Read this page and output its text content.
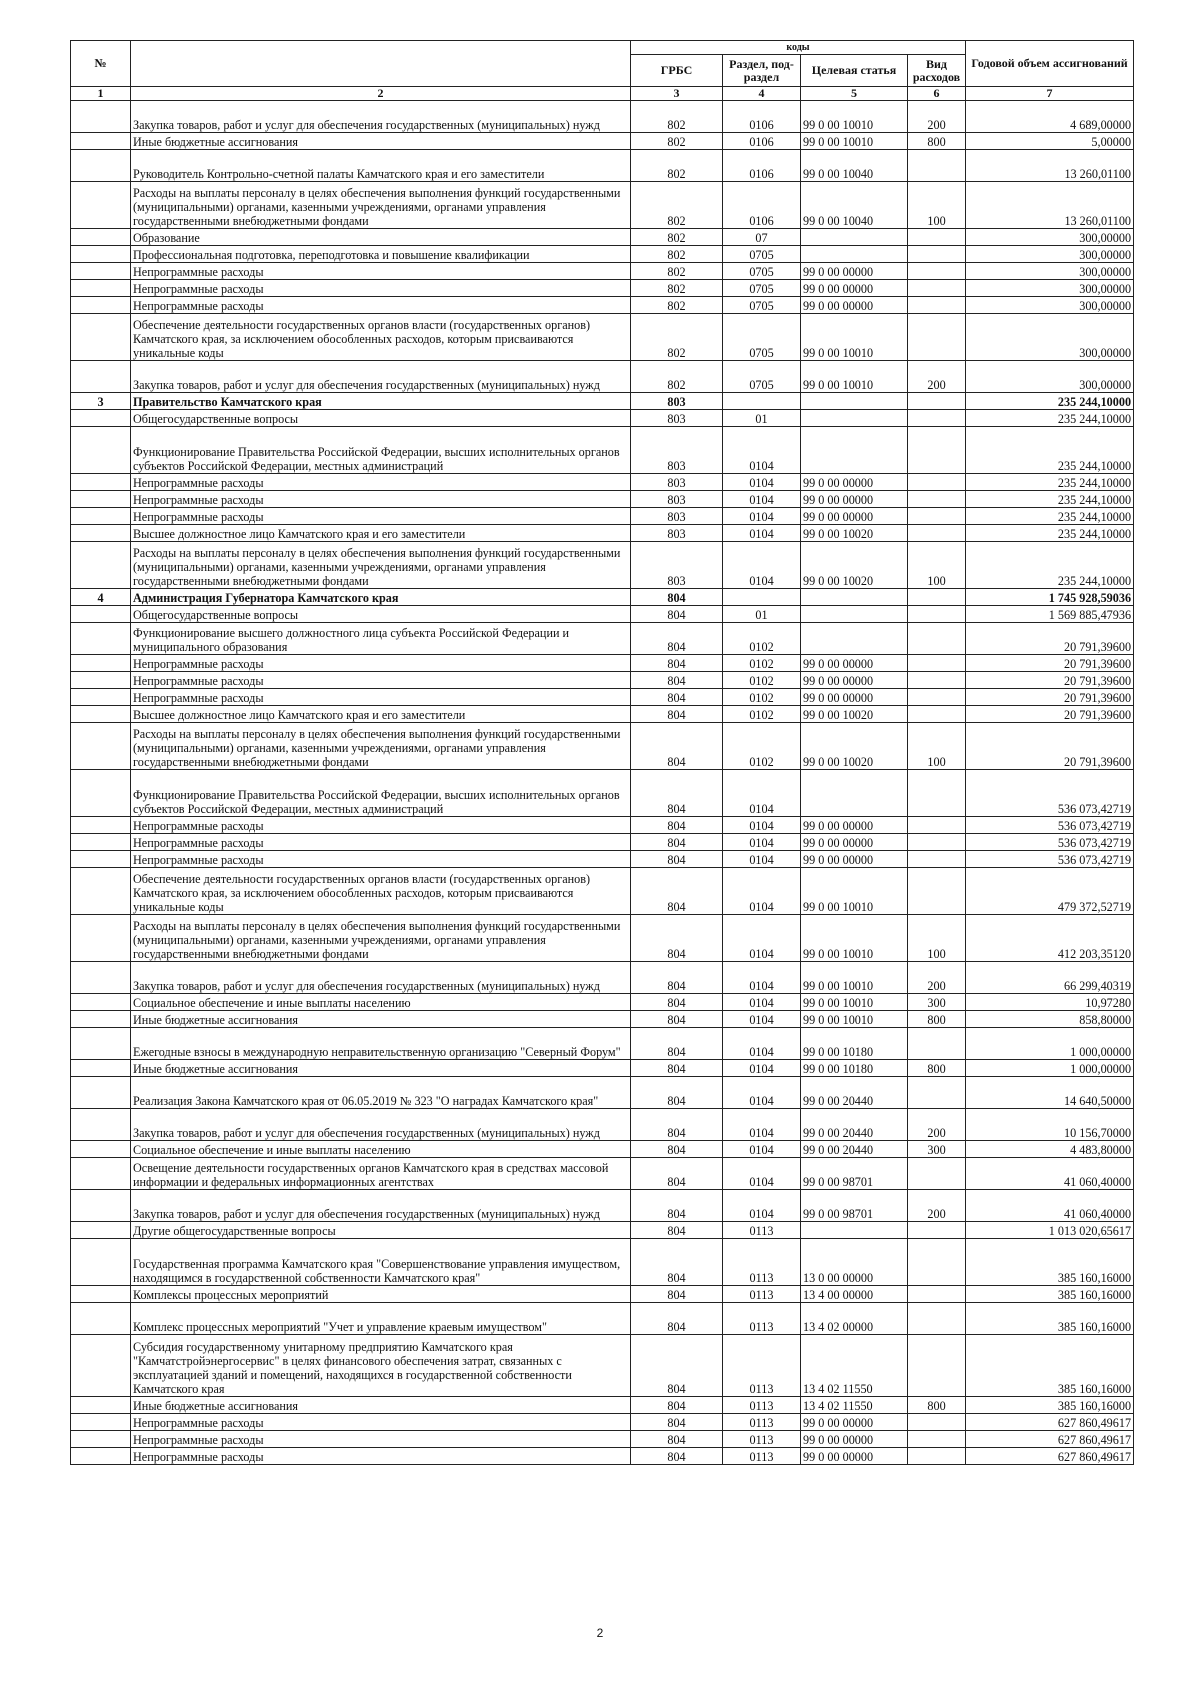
№		коды				Годовой объем ассигнований
		ГРБС	Раздел, под-раздел	Целевая статья	Вид расходов	
1	2	3	4	5	6	7
	Закупка товаров, работ и услуг для обеспечения государственных (муниципальных) нужд	802	0106	99 0 00 10010	200	4 689,00000
	Иные бюджетные ассигнования	802	0106	99 0 00 10010	800	5,00000
	Руководитель Контрольно-счетной палаты Камчатского края и его заместители	802	0106	99 0 00 10040		13 260,01100
	Расходы на выплаты персоналу в целях обеспечения выполнения функций государственными (муниципальными) органами, казенными учреждениями, органами управления государственными внебюджетными фондами	802	0106	99 0 00 10040	100	13 260,01100
	Образование	802	07			300,00000
	Профессиональная подготовка, переподготовка и повышение квалификации	802	0705			300,00000
	Непрограммные расходы	802	0705	99 0 00 00000		300,00000
	Непрограммные расходы	802	0705	99 0 00 00000		300,00000
	Непрограммные расходы	802	0705	99 0 00 00000		300,00000
	Обеспечение деятельности государственных органов власти (государственных органов) Камчатского края, за исключением обособленных расходов, которым присваиваются уникальные коды	802	0705	99 0 00 10010		300,00000
	Закупка товаров, работ и услуг для обеспечения государственных (муниципальных) нужд	802	0705	99 0 00 10010	200	300,00000
3	Правительство Камчатского края	803				235 244,10000
	Общегосударственные вопросы	803	01			235 244,10000
	Функционирование Правительства Российской Федерации, высших исполнительных органов субъектов Российской Федерации, местных администраций	803	0104			235 244,10000
	Непрограммные расходы	803	0104	99 0 00 00000		235 244,10000
	Непрограммные расходы	803	0104	99 0 00 00000		235 244,10000
	Непрограммные расходы	803	0104	99 0 00 00000		235 244,10000
	Высшее должностное лицо Камчатского края и его заместители	803	0104	99 0 00 10020		235 244,10000
	Расходы на выплаты персоналу в целях обеспечения выполнения функций государственными (муниципальными) органами, казенными учреждениями, органами управления государственными внебюджетными фондами	803	0104	99 0 00 10020	100	235 244,10000
4	Администрация Губернатора Камчатского края	804				1 745 928,59036
	Общегосударственные вопросы	804	01			1 569 885,47936
	Функционирование высшего должностного лица субъекта Российской Федерации и муниципального образования	804	0102			20 791,39600
	Непрограммные расходы	804	0102	99 0 00 00000		20 791,39600
	Непрограммные расходы	804	0102	99 0 00 00000		20 791,39600
	Непрограммные расходы	804	0102	99 0 00 00000		20 791,39600
	Высшее должностное лицо Камчатского края и его заместители	804	0102	99 0 00 10020		20 791,39600
	Расходы на выплаты персоналу в целях обеспечения выполнения функций государственными (муниципальными) органами, казенными учреждениями, органами управления государственными внебюджетными фондами	804	0102	99 0 00 10020	100	20 791,39600
	Функционирование Правительства Российской Федерации, высших исполнительных органов субъектов Российской Федерации, местных администраций	804	0104			536 073,42719
	Непрограммные расходы	804	0104	99 0 00 00000		536 073,42719
	Непрограммные расходы	804	0104	99 0 00 00000		536 073,42719
	Непрограммные расходы	804	0104	99 0 00 00000		536 073,42719
	Обеспечение деятельности государственных органов власти (государственных органов) Камчатского края, за исключением обособленных расходов, которым присваиваются уникальные коды	804	0104	99 0 00 10010		479 372,52719
	Расходы на выплаты персоналу в целях обеспечения выполнения функций государственными (муниципальными) органами, казенными учреждениями, органами управления государственными внебюджетными фондами	804	0104	99 0 00 10010	100	412 203,35120
	Закупка товаров, работ и услуг для обеспечения государственных (муниципальных) нужд	804	0104	99 0 00 10010	200	66 299,40319
	Социальное обеспечение и иные выплаты населению	804	0104	99 0 00 10010	300	10,97280
	Иные бюджетные ассигнования	804	0104	99 0 00 10010	800	858,80000
	Ежегодные взносы в международную неправительственную организацию "Северный Форум"	804	0104	99 0 00 10180		1 000,00000
	Иные бюджетные ассигнования	804	0104	99 0 00 10180	800	1 000,00000
	Реализация Закона Камчатского края от 06.05.2019 № 323 "О наградах Камчатского края"	804	0104	99 0 00 20440		14 640,50000
	Закупка товаров, работ и услуг для обеспечения государственных (муниципальных) нужд	804	0104	99 0 00 20440	200	10 156,70000
	Социальное обеспечение и иные выплаты населению	804	0104	99 0 00 20440	300	4 483,80000
	Освещение деятельности государственных органов Камчатского края в средствах массовой информации и федеральных информационных агентствах	804	0104	99 0 00 98701		41 060,40000
	Закупка товаров, работ и услуг для обеспечения государственных (муниципальных) нужд	804	0104	99 0 00 98701	200	41 060,40000
	Другие общегосударственные вопросы	804	0113			1 013 020,65617
	Государственная программа Камчатского края "Совершенствование управления имуществом, находящимся в государственной собственности Камчатского края"	804	0113	13 0 00 00000		385 160,16000
	Комплексы процессных мероприятий	804	0113	13 4 00 00000		385 160,16000
	Комплекс процессных мероприятий "Учет и управление краевым имуществом"	804	0113	13 4 02 00000		385 160,16000
	Субсидия государственному унитарному предприятию Камчатского края "Камчатстройэнергосервис" в целях финансового обеспечения затрат, связанных с эксплуатацией зданий и помещений, находящихся в государственной собственности Камчатского края	804	0113	13 4 02 11550		385 160,16000
	Иные бюджетные ассигнования	804	0113	13 4 02 11550	800	385 160,16000
	Непрограммные расходы	804	0113	99 0 00 00000		627 860,49617
	Непрограммные расходы	804	0113	99 0 00 00000		627 860,49617
	Непрограммные расходы	804	0113	99 0 00 00000		627 860,49617
2
